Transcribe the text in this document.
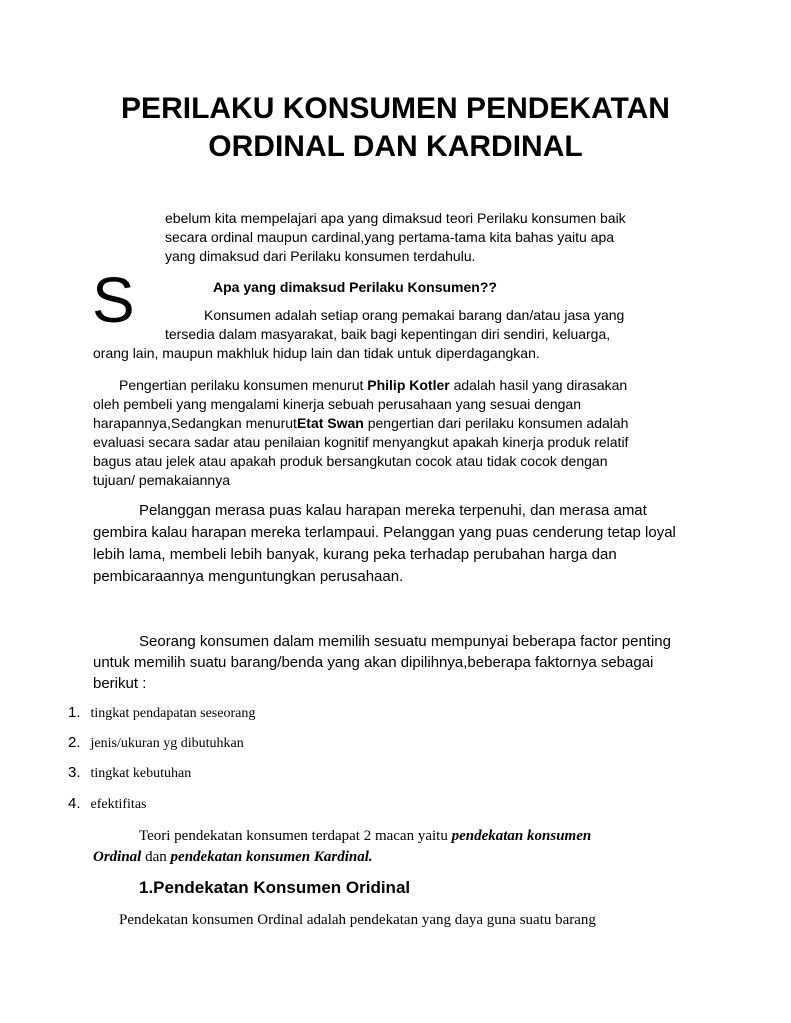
PERILAKU KONSUMEN PENDEKATAN
ORDINAL DAN KARDINAL
S
ebelum kita mempelajari apa yang dimaksud teori Perilaku konsumen baik
secara ordinal maupun cardinal,yang pertama-tama kita bahas yaitu apa
yang dimaksud dari Perilaku konsumen terdahulu.
Apa yang dimaksud Perilaku Konsumen??
Konsumen adalah setiap orang pemakai barang dan/atau jasa yang
tersedia dalam masyarakat, baik bagi kepentingan diri sendiri, keluarga,
orang lain, maupun makhluk hidup lain dan tidak untuk diperdagangkan.
Pengertian perilaku konsumen menurut Philip Kotler adalah hasil yang dirasakan
oleh pembeli yang mengalami kinerja sebuah perusahaan yang sesuai dengan
harapannya,Sedangkan menurutEtat Swan pengertian dari perilaku konsumen adalah
evaluasi secara sadar atau penilaian kognitif menyangkut apakah kinerja produk relatif
bagus atau jelek atau apakah produk bersangkutan cocok atau tidak cocok dengan
tujuan/ pemakaiannya
Pelanggan merasa puas kalau harapan mereka terpenuhi, dan merasa amat
gembira kalau harapan mereka terlampaui. Pelanggan yang puas cenderung tetap loyal
lebih lama, membeli lebih banyak, kurang peka terhadap perubahan harga dan
pembicaraannya menguntungkan perusahaan.
Seorang konsumen dalam memilih sesuatu mempunyai beberapa factor penting
untuk memilih suatu barang/benda yang akan dipilihnya,beberapa faktornya sebagai
berikut :
1. tingkat pendapatan seseorang
2. jenis/ukuran yg dibutuhkan
3. tingkat kebutuhan
4. efektifitas
Teori pendekatan konsumen terdapat 2 macan yaitu pendekatan konsumen
Ordinal dan pendekatan konsumen Kardinal.
1.Pendekatan Konsumen Oridinal
Pendekatan konsumen Ordinal adalah pendekatan yang daya guna suatu barang
